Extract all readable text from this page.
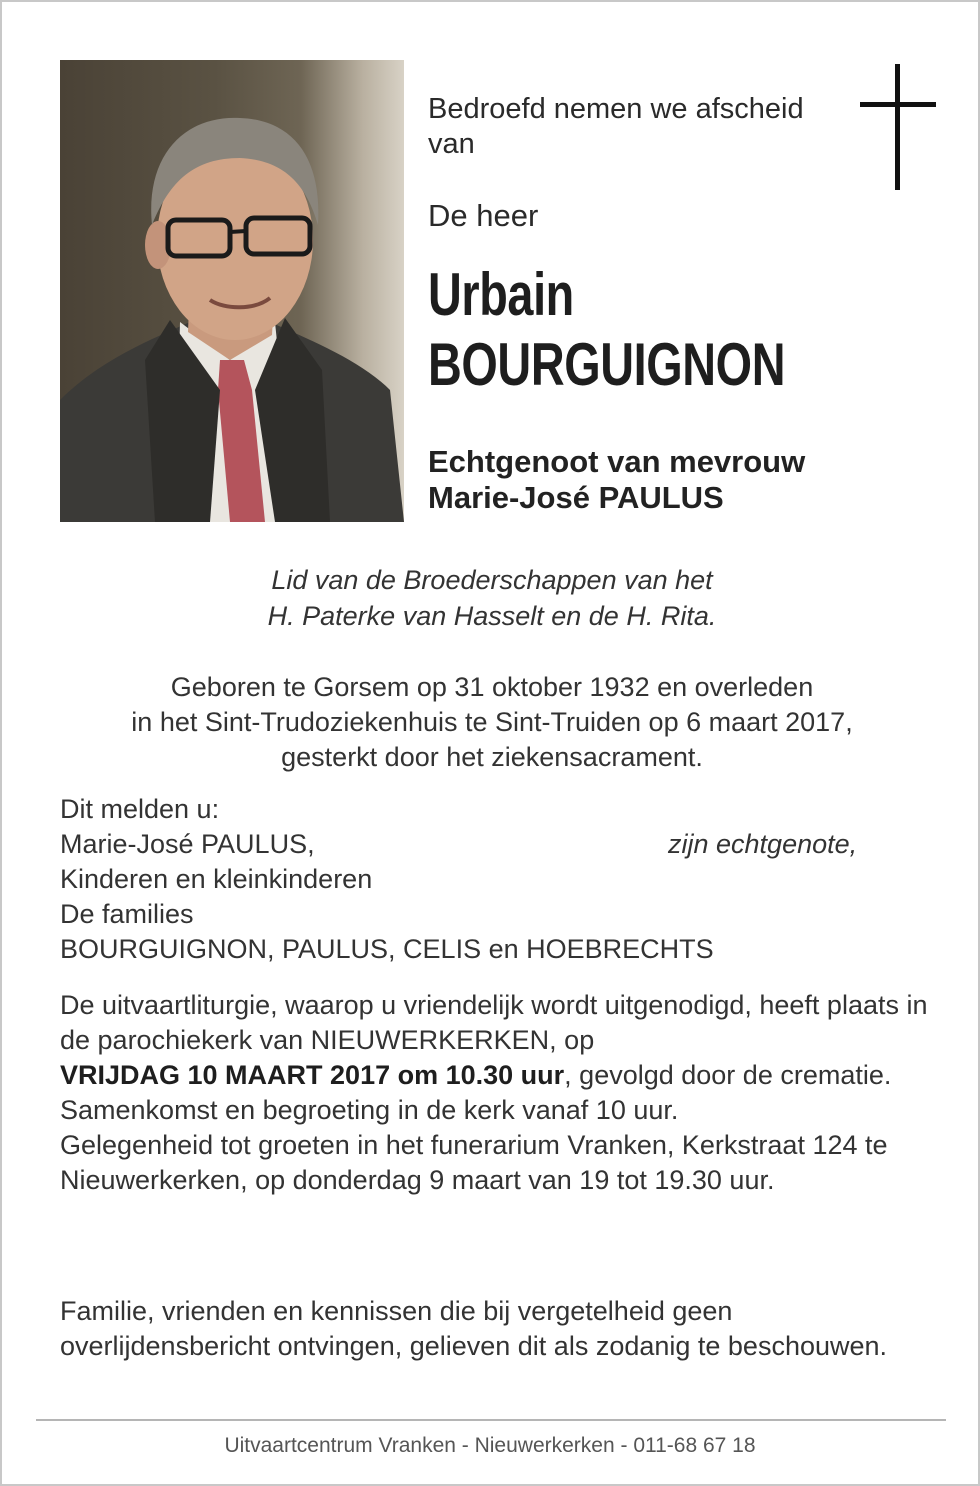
Bedroefd nemen we afscheid van

De heer

Urbain
BOURGUIGNON
Echtgenoot van mevrouw
Marie-José PAULUS
Lid van de Broederschappen van het
H. Paterke van Hasselt en de H. Rita.
Geboren te Gorsem op 31 oktober 1932 en overleden
in het Sint-Trudoziekenhuis te Sint-Truiden op 6 maart 2017,
gesterkt door het ziekensacrament.
Dit melden u:
Marie-José PAULUS,	zijn echtgenote,
Kinderen en kleinkinderen
De families
BOURGUIGNON, PAULUS, CELIS en HOEBRECHTS

De uitvaartliturgie, waarop u vriendelijk wordt uitgenodigd, heeft plaats in de parochiekerk van NIEUWERKERKEN, op
VRIJDAG 10 MAART 2017 om 10.30 uur, gevolgd door de crematie.

Samenkomst en begroeting in de kerk vanaf 10 uur.

Gelegenheid tot groeten in het funerarium Vranken, Kerkstraat 124 te Nieuwerkerken, op donderdag 9 maart van 19 tot 19.30 uur.

Familie, vrienden en kennissen die bij vergetelheid geen overlijdensbericht ontvingen, gelieven dit als zodanig te beschouwen.

Uitvaartcentrum Vranken - Nieuwerkerken - 011-68 67 18
